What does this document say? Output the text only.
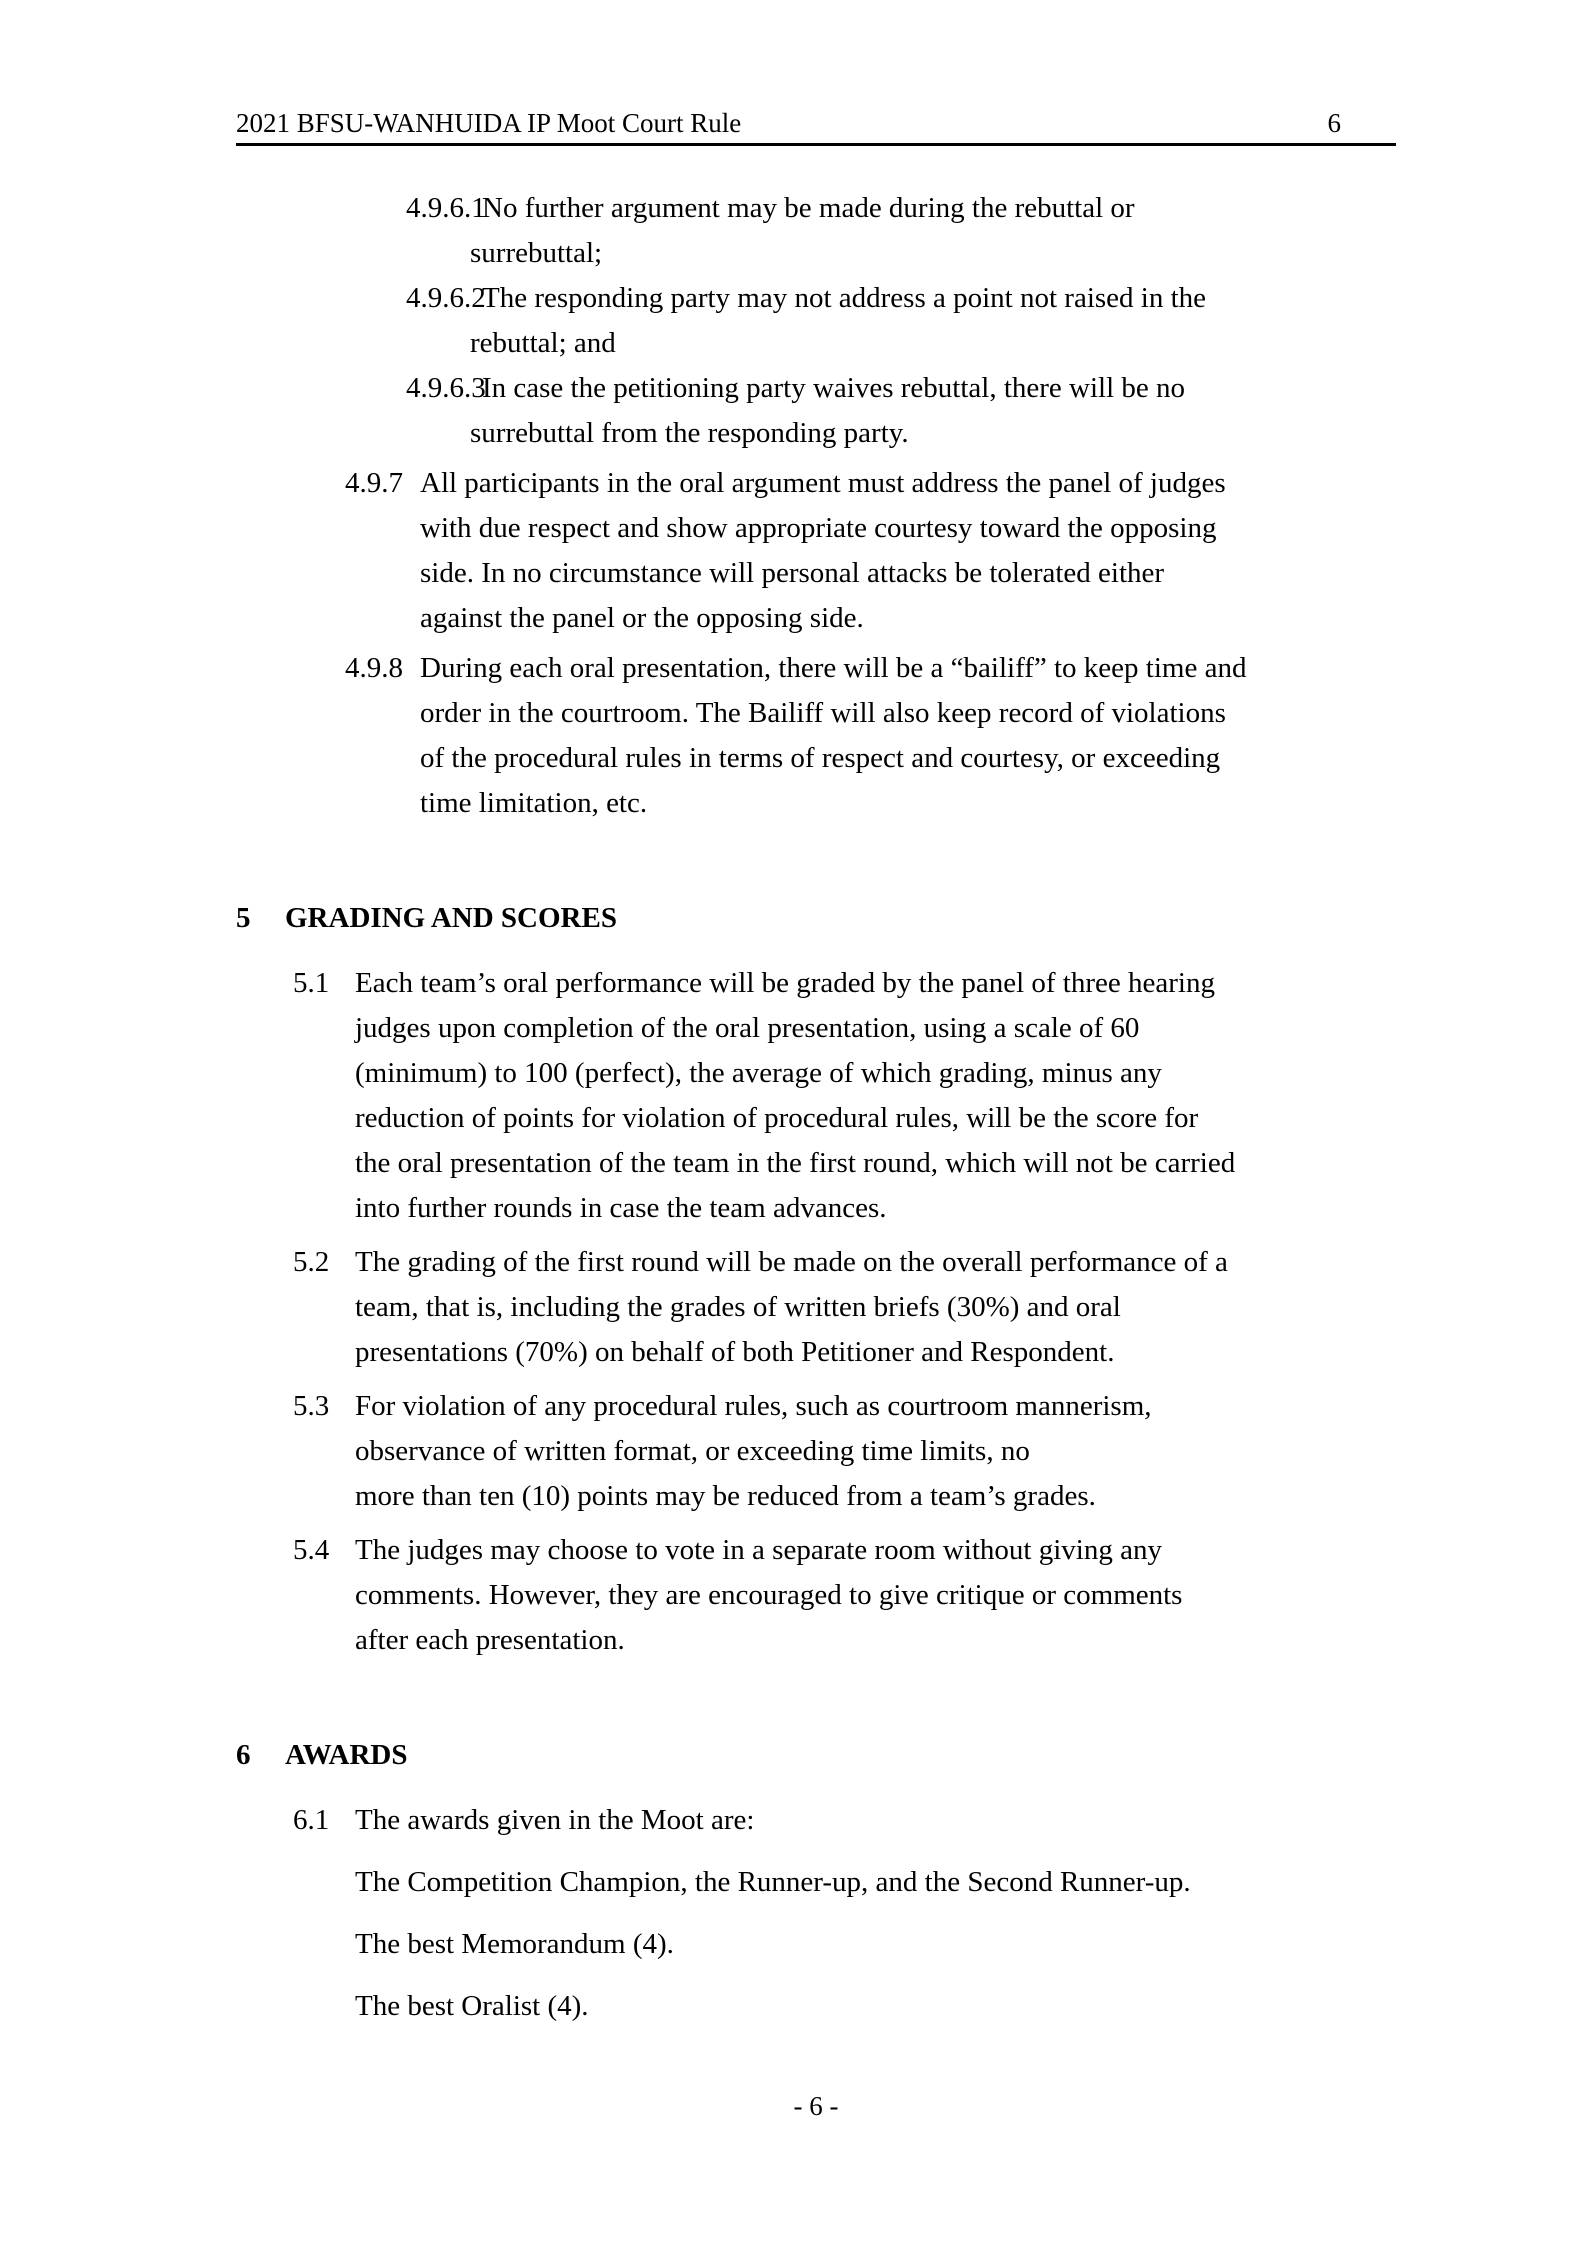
2021 BFSU-WANHUIDA IP Moot Court Rule	6
4.9.6.1
No further argument may be made during the rebuttal or
surrebuttal;
4.9.6.2
The responding party may not address a point not raised in the
rebuttal; and
4.9.6.3
In case the petitioning party waives rebuttal, there will be no
surrebuttal from the responding party.
4.9.7 All participants in the oral argument must address the panel of judges
with due respect and show appropriate courtesy toward the opposing
side. In no circumstance will personal attacks be tolerated either
against the panel or the opposing side.
4.9.8 During each oral presentation, there will be a “bailiff” to keep time and
order in the courtroom. The Bailiff will also keep record of violations
of the procedural rules in terms of respect and courtesy, or exceeding
time limitation, etc.
5 GRADING AND SCORES
5.1 Each team’s oral performance will be graded by the panel of three hearing
judges upon completion of the oral presentation, using a scale of 60
(minimum) to 100 (perfect), the average of which grading, minus any
reduction of points for violation of procedural rules, will be the score for
the oral presentation of the team in the first round, which will not be carried
into further rounds in case the team advances.
5.2 The grading of the first round will be made on the overall performance of a
team, that is, including the grades of written briefs (30%) and oral
presentations (70%) on behalf of both Petitioner and Respondent.
5.3 For violation of any procedural rules, such as courtroom mannerism,
observance of written format, or exceeding time limits, no
more than ten (10) points may be reduced from a team’s grades.
5.4 The judges may choose to vote in a separate room without giving any
comments. However, they are encouraged to give critique or comments
after each presentation.
6 AWARDS
6.1 The awards given in the Moot are:
The Competition Champion, the Runner-up, and the Second Runner-up.
The best Memorandum (4).
The best Oralist (4).
- 6 -
